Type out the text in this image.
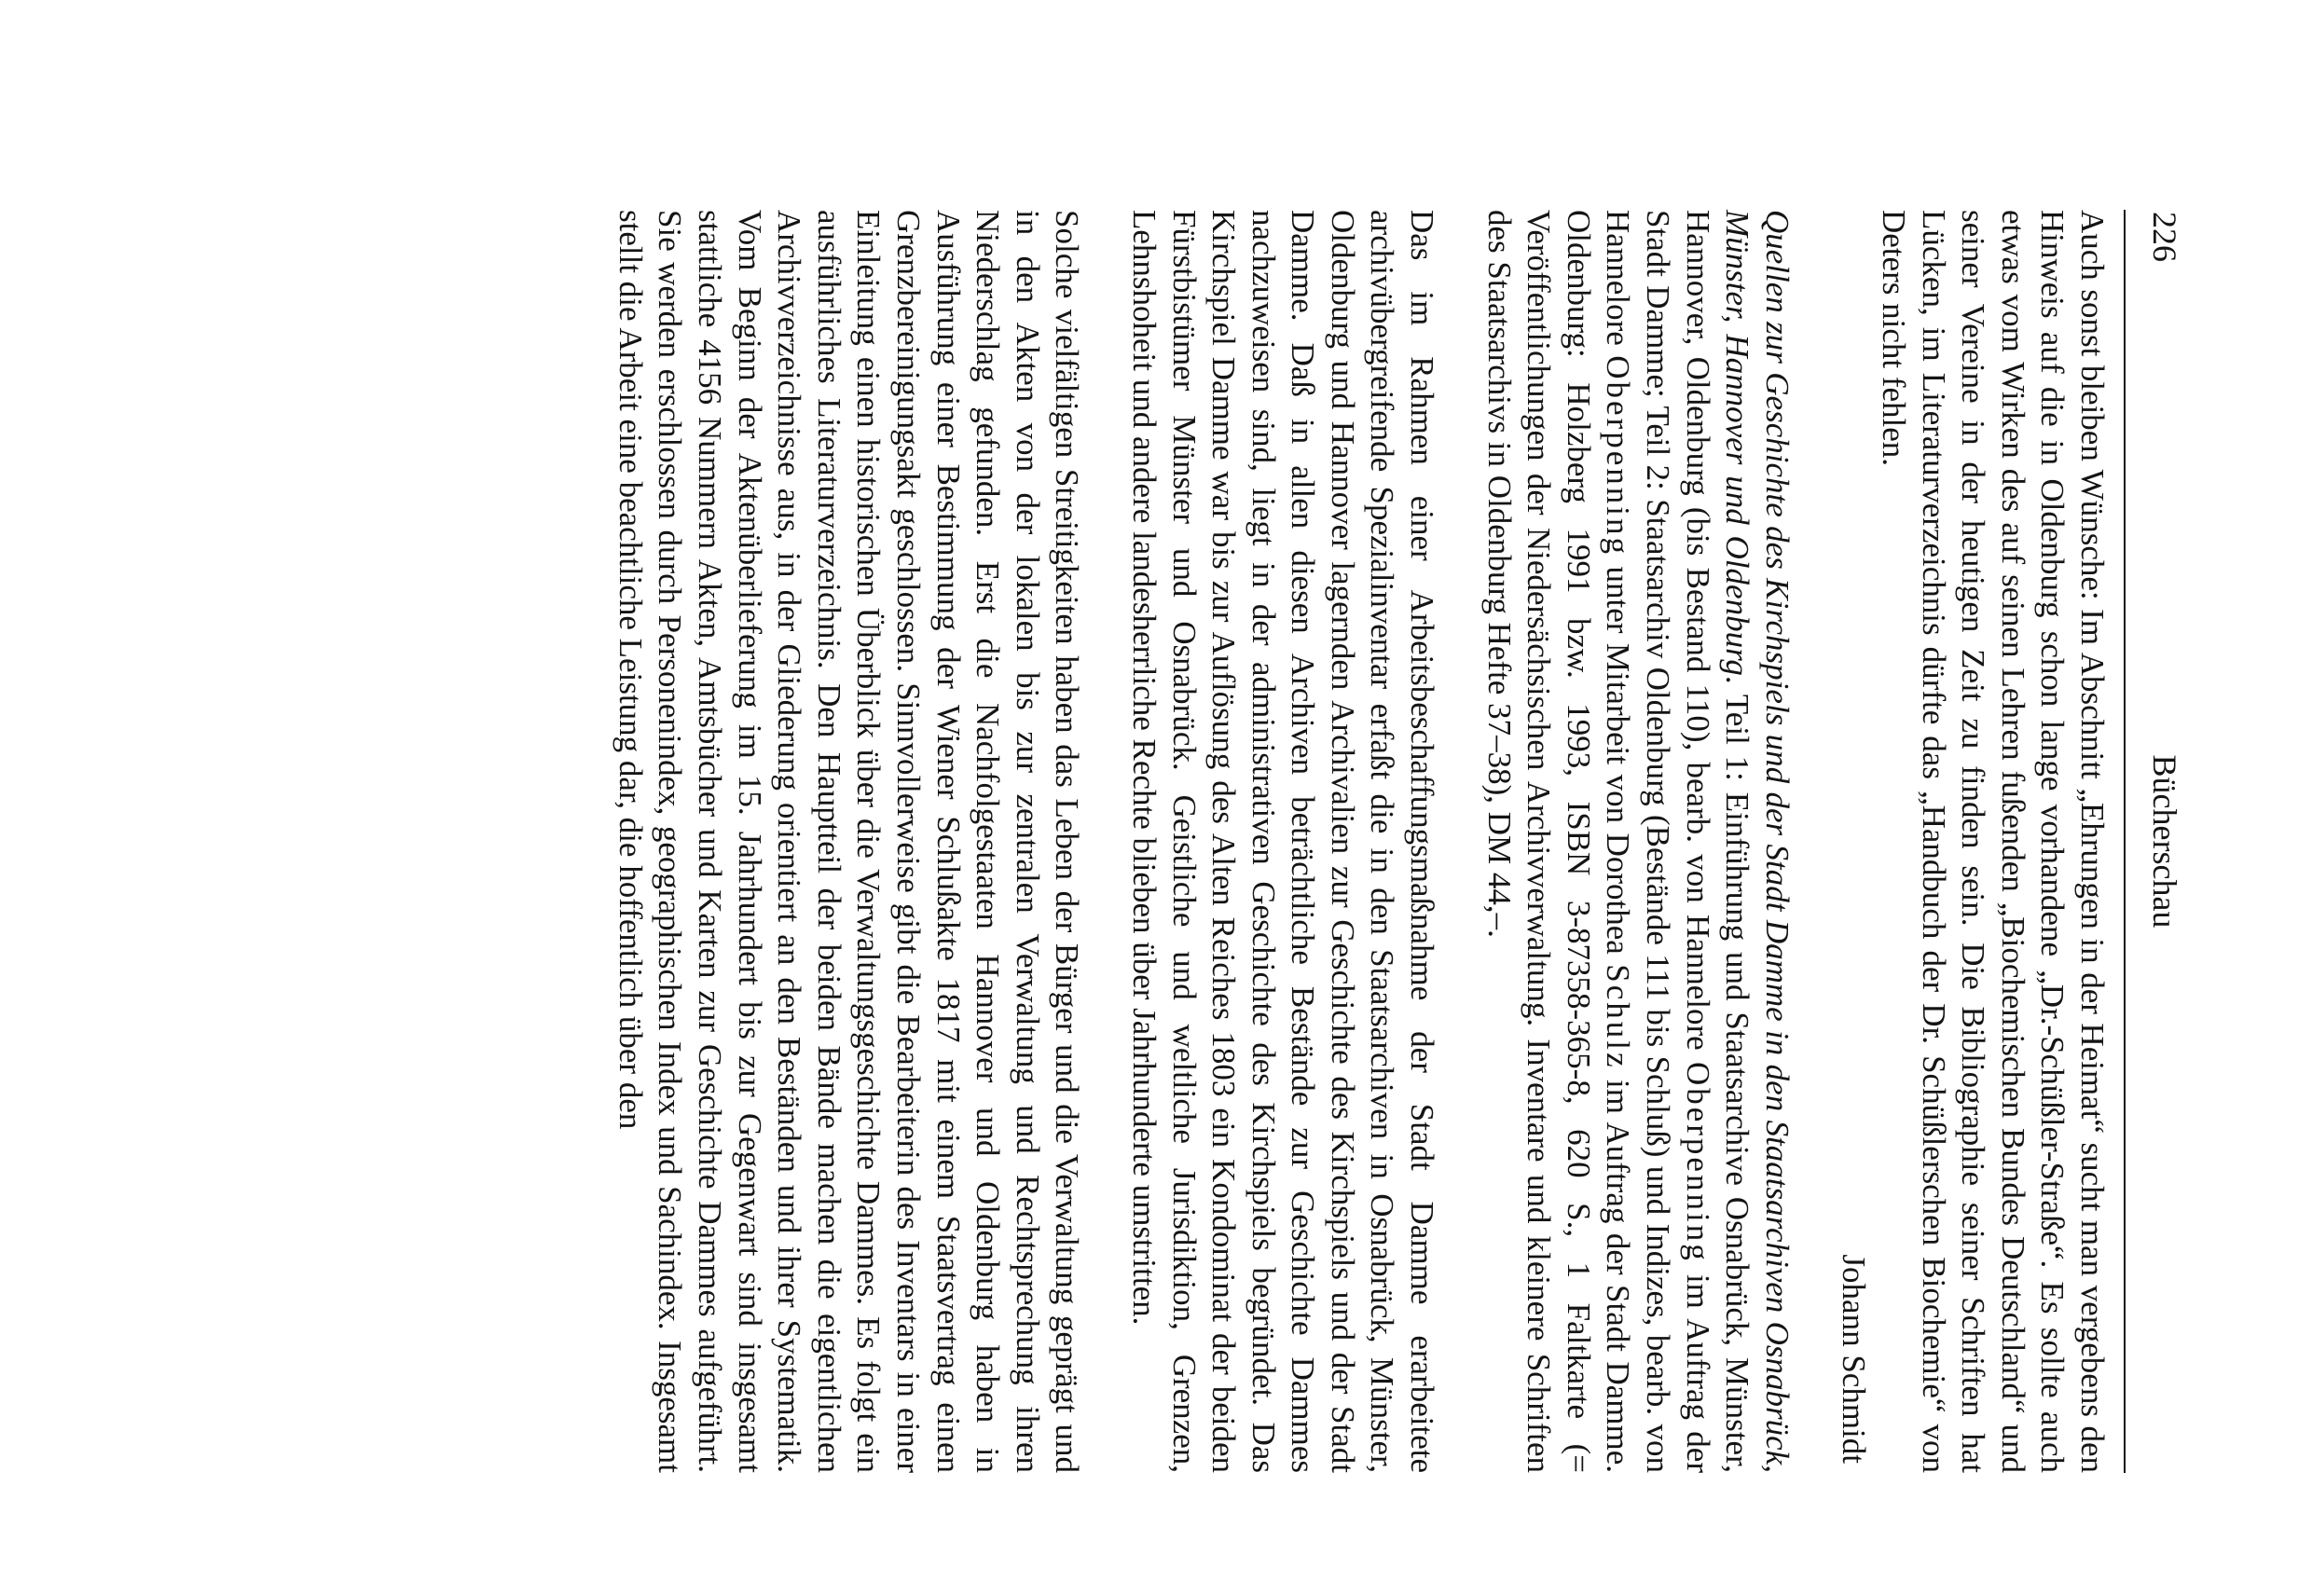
226
Bücherschau

Auch sonst bleiben Wünsche: Im Abschnitt „Ehrungen in der Heimat“ sucht man vergebens den Hinweis auf die in Oldenburg schon lange vorhandene „Dr.-Schüßler-Straße“. Es sollte auch etwas vom Wirken des auf seinen Lehren fußenden „Biochemischen Bundes Deutschland“ und seiner Vereine in der heutigen Zeit zu finden sein. Die Bibliographie seiner Schriften hat Lücken, im Literaturverzeichnis dürfte das „Handbuch der Dr. Schüßlerschen Biochemie“ von Deters nicht fehlen.

Johann Schmidt

Quellen zur Geschichte des Kirchspiels und der Stadt Damme in den Staatsarchiven Osnabrück, Münster, Hannover und Oldenburg. Teil 1: Einführung und Staatsarchive Osnabrück, Münster, Hannover, Oldenburg (bis Bestand 110), bearb. von Hannelore Oberpenning im Auftrag der Stadt Damme; Teil 2: Staatsarchiv Oldenburg (Bestände 111 bis Schluß) und Indizes, bearb. von Hannelore Oberpenning unter Mitarbeit von Dorothea Schulz im Auftrag der Stadt Damme. Oldenburg: Holzberg 1991 bzw. 1993, ISBN 3-87358-365-8, 620 S., 1 Faltkarte (= Veröffentlichungen der Niedersächsischen Archivverwaltung. Inventare und kleinere Schriften des Staatsarchivs in Oldenburg Hefte 37–38), DM 44,–.

Das im Rahmen einer Arbeitsbeschaffungsmaßnahme der Stadt Damme erarbeitete archivübergreifende Spezialinventar erfaßt die in den Staatsarchiven in Osnabrück, Münster, Oldenburg und Hannover lagernden Archivalien zur Geschichte des Kirchspiels und der Stadt Damme. Daß in allen diesen Archiven beträchtliche Bestände zur Geschichte Dammes nachzuweisen sind, liegt in der administrativen Geschichte des Kirchspiels begründet. Das Kirchspiel Damme war bis zur Auflösung des Alten Reiches 1803 ein Kondominat der beiden Fürstbistümer Münster und Osnabrück. Geistliche und weltliche Jurisdiktion, Grenzen, Lehnshoheit und andere landesherrliche Rechte blieben über Jahrhunderte umstritten.

Solche vielfältigen Streitigkeiten haben das Leben der Bürger und die Verwaltung geprägt und in den Akten von der lokalen bis zur zentralen Verwaltung und Rechtsprechung ihren Niederschlag gefunden. Erst die Nachfolgestaaten Hannover und Oldenburg haben in Ausführung einer Bestimmung der Wiener Schlußakte 1817 mit einem Staatsvertrag einen Grenzbereinigungsakt geschlossen. Sinnvollerweise gibt die Bearbeiterin des Inventars in einer Einleitung einen historischen Überblick über die Verwaltungsgeschichte Dammes. Es folgt ein ausführliches Literaturverzeichnis. Den Hauptteil der beiden Bände machen die eigentlichen Archivverzeichnisse aus, in der Gliederung orientiert an den Beständen und ihrer Systematik. Vom Beginn der Aktenüberlieferung im 15. Jahrhundert bis zur Gegenwart sind insgesamt stattliche 4156 Nummern Akten, Amtsbücher und Karten zur Geschichte Dammes aufgeführt. Sie werden erschlossen durch Personenindex, geographischen Index und Sachindex. Insgesamt stellt die Arbeit eine beachtliche Leistung dar, die hoffentlich über den
